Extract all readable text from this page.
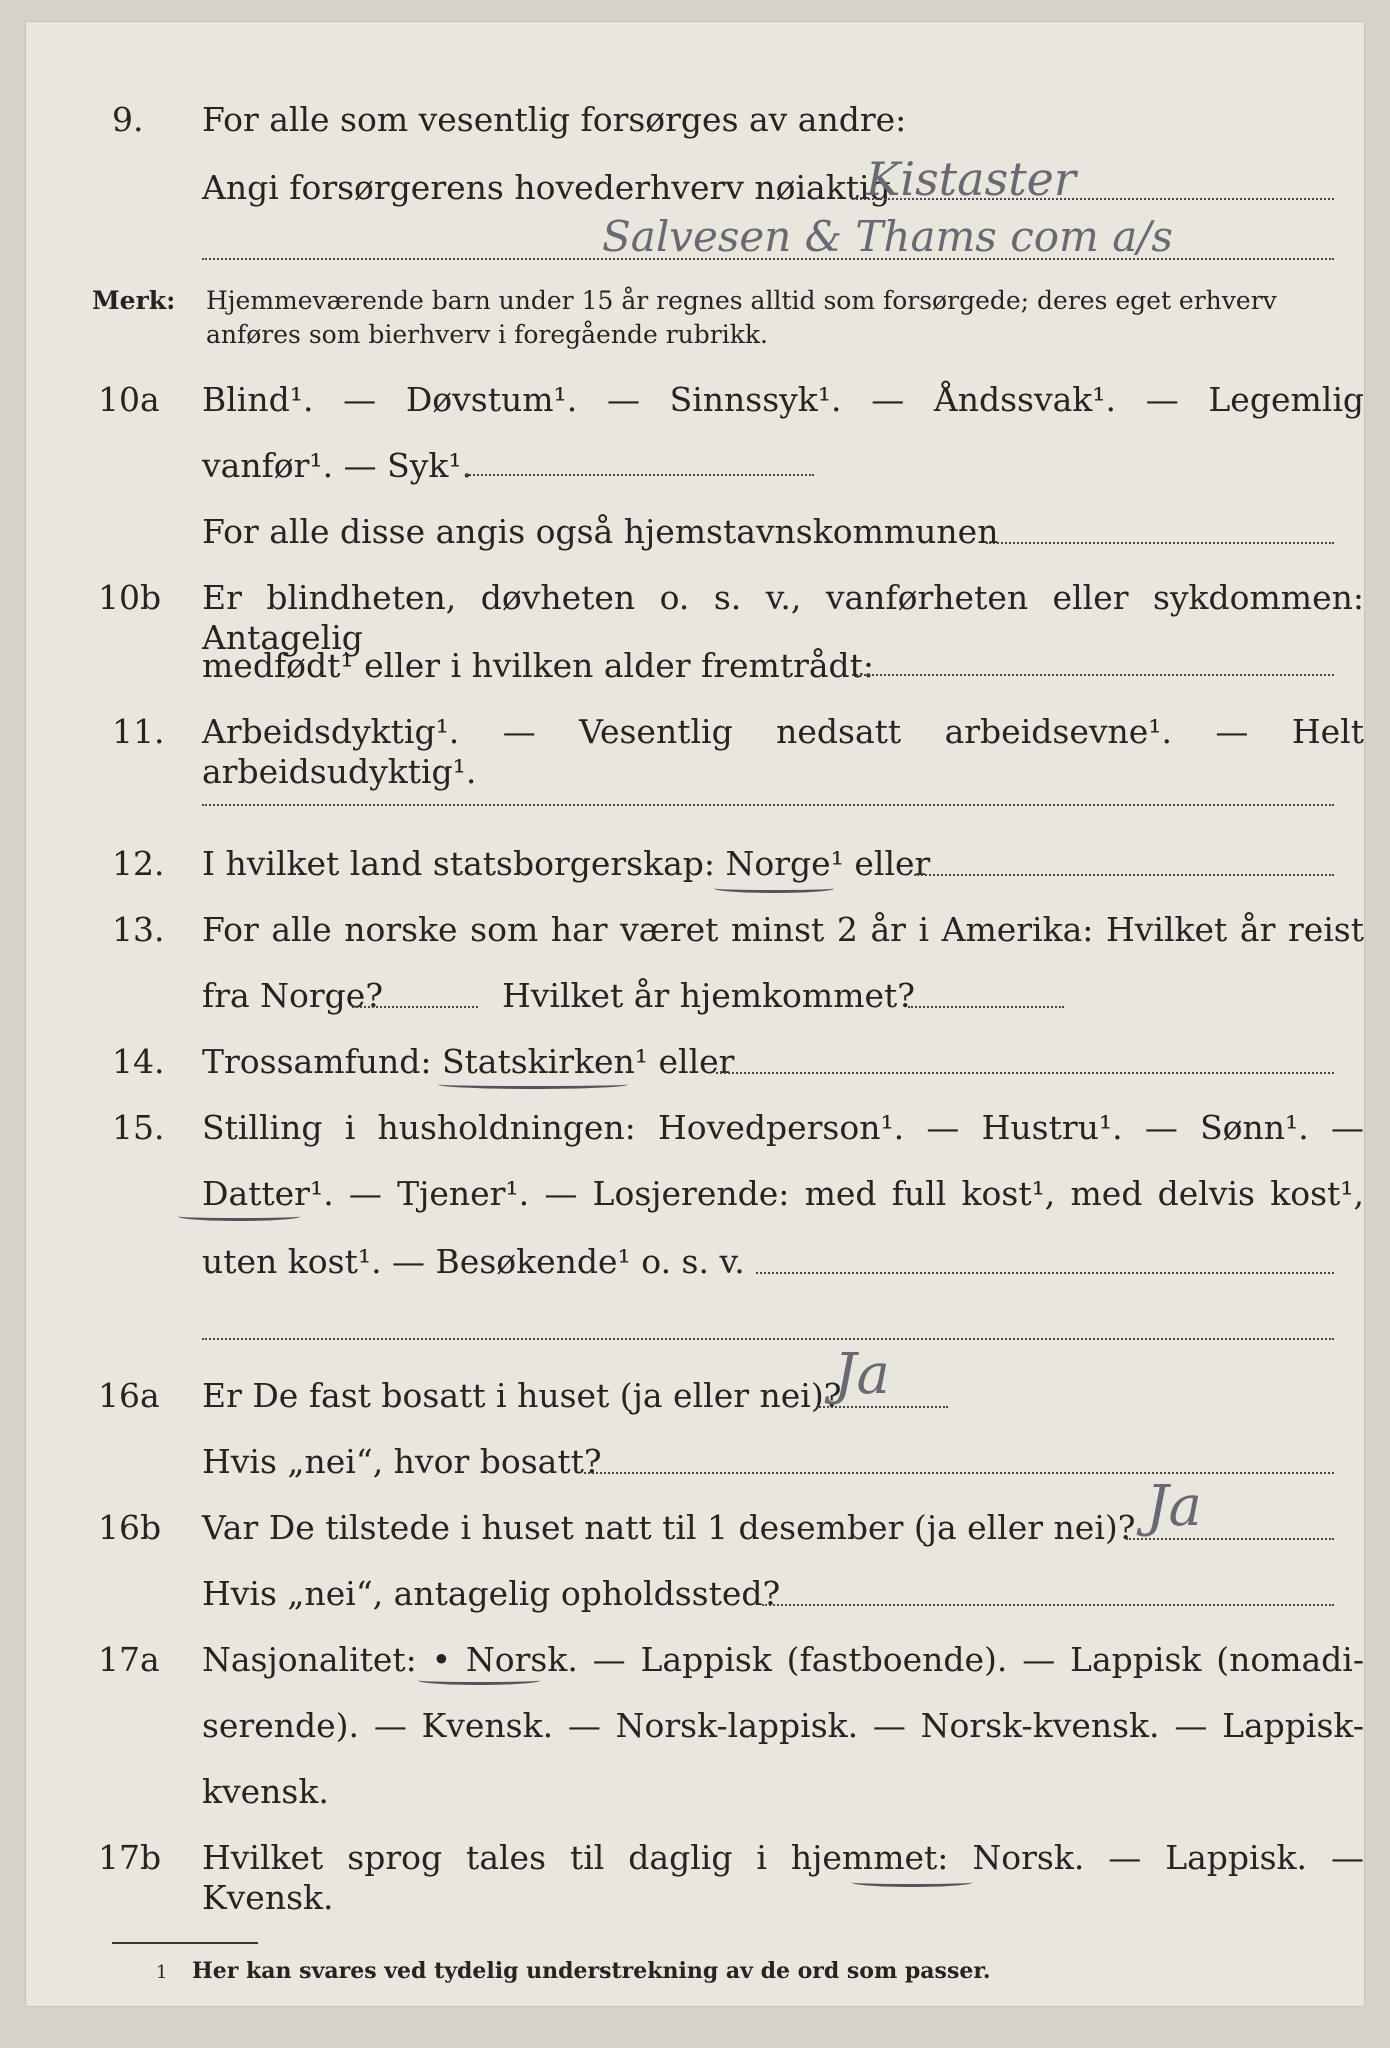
9. For alle som vesentlig forsørges av andre:
Angi forsørgerens hovederhverv nøiaktig
Kistaster
Salvesen & Thams com a/s
Merk: Hjemmeværende barn under 15 år regnes alltid som forsørgede; deres eget erhverv
anføres som bierhverv i foregående rubrikk.
10a Blind¹. — Døvstum¹. — Sinnssyk¹. — Åndssvak¹. — Legemlig
vanfør¹. — Syk¹.
For alle disse angis også hjemstavnskommunen
10b Er blindheten, døvheten o. s. v., vanførheten eller sykdommen: Antagelig
medfødt¹ eller i hvilken alder fremtrådt:
11. Arbeidsdyktig¹. — Vesentlig nedsatt arbeidsevne¹. — Helt arbeidsudyktig¹.
12. I hvilket land statsborgerskap: Norge¹ eller
13. For alle norske som har været minst 2 år i Amerika: Hvilket år reist
fra Norge?	Hvilket år hjemkommet?
14. Trossamfund: Statskirken¹ eller
15. Stilling i husholdningen: Hovedperson¹. — Hustru¹. — Sønn¹. —
Datter¹. — Tjener¹. — Losjerende: med full kost¹, med delvis kost¹,
uten kost¹. — Besøkende¹ o. s. v.
16a Er De fast bosatt i huset (ja eller nei)?
Ja
Hvis „nei“, hvor bosatt?
16b Var De tilstede i huset natt til 1 desember (ja eller nei)? Ja
Hvis „nei“, antagelig opholdssted?
17a Nasjonalitet: • Norsk. — Lappisk (fastboende). — Lappisk (nomadi-
serende). — Kvensk. — Norsk-lappisk. — Norsk-kvensk. — Lappisk-
kvensk.
17b Hvilket sprog tales til daglig i hjemmet: Norsk. — Lappisk. — Kvensk.
1 Her kan svares ved tydelig understrekning av de ord som passer.
